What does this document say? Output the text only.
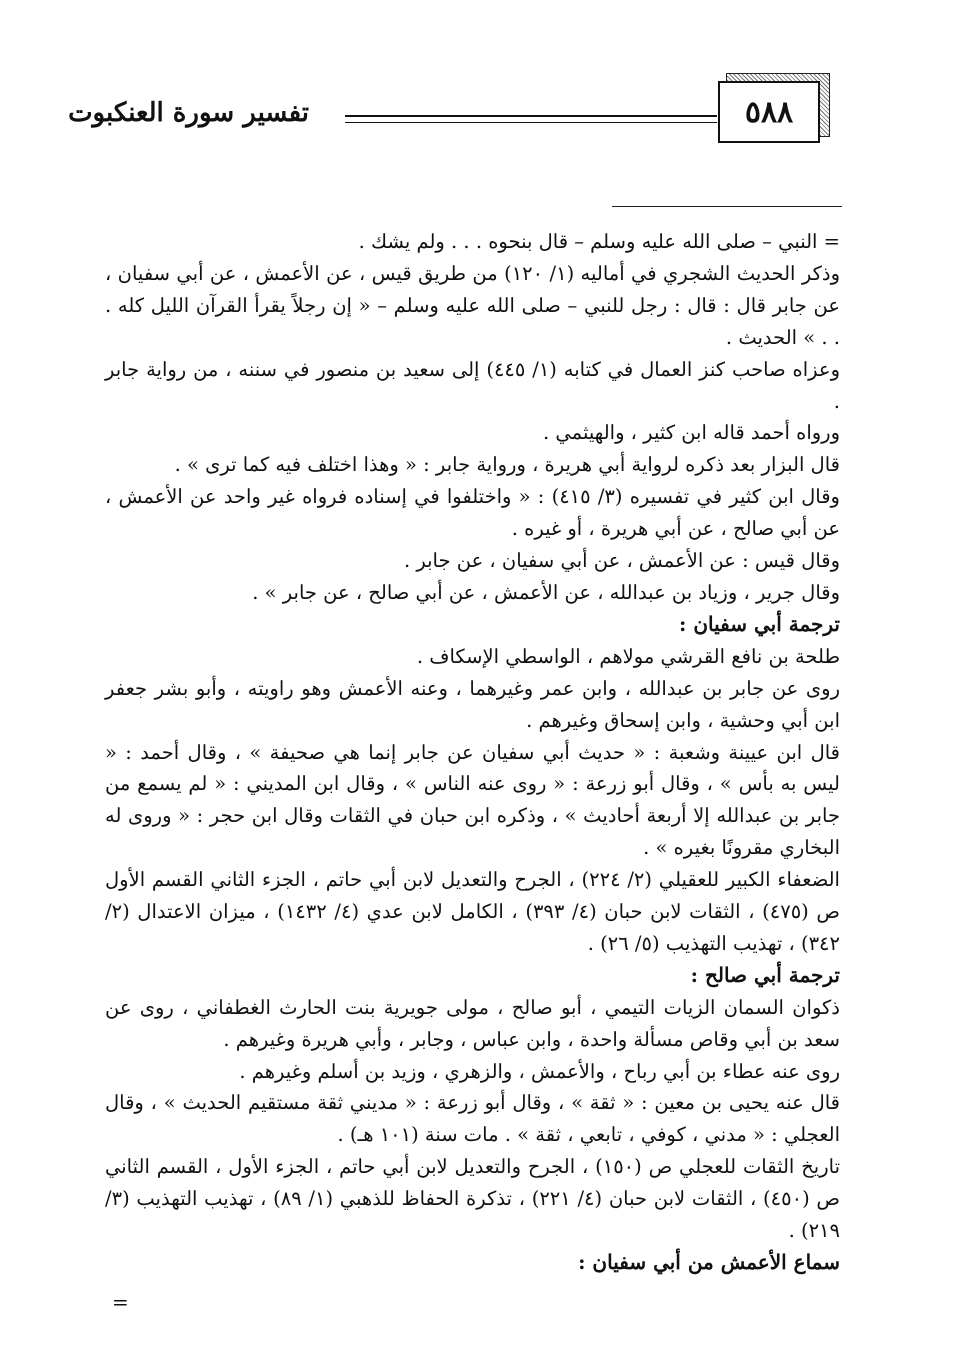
٥٨٨
تفسير سورة العنكبوت

= النبي – صلى الله عليه وسلم – قال بنحوه . . . ولم يشك .

وذكر الحديث الشجري في أماليه (١/ ١٢٠) من طريق قيس ، عن الأعمش ، عن أبي سفيان ، عن جابر قال : قال : رجل للنبي – صلى الله عليه وسلم – « إن رجلاً يقرأ القرآن الليل كله . . . » الحديث .

وعزاه صاحب كنز العمال في كتابه (١/ ٤٤٥) إلى سعيد بن منصور في سننه ، من رواية جابر .

ورواه أحمد قاله ابن كثير ، والهيثمي .

قال البزار بعد ذكره لرواية أبي هريرة ، ورواية جابر : « وهذا اختلف فيه كما ترى » .

وقال ابن كثير في تفسيره (٣/ ٤١٥) : « واختلفوا في إسناده فرواه غير واحد عن الأعمش ، عن أبي صالح ، عن أبي هريرة ، أو غيره .

وقال قيس : عن الأعمش ، عن أبي سفيان ، عن جابر .

وقال جرير ، وزياد بن عبدالله ، عن الأعمش ، عن أبي صالح ، عن جابر » .

ترجمة أبي سفيان :

طلحة بن نافع القرشي مولاهم ، الواسطي الإسكاف .

روى عن جابر بن عبدالله ، وابن عمر وغيرهما ، وعنه الأعمش وهو راويته ، وأبو بشر جعفر ابن أبي وحشية ، وابن إسحاق وغيرهم .

قال ابن عيينة وشعبة : « حديث أبي سفيان عن جابر إنما هي صحيفة » ، وقال أحمد : « ليس به بأس » ، وقال أبو زرعة : « روى عنه الناس » ، وقال ابن المديني : « لم يسمع من جابر بن عبدالله إلا أربعة أحاديث » ، وذكره ابن حبان في الثقات وقال ابن حجر : « وروى له البخاري مقرونًا بغيره » .

الضعفاء الكبير للعقيلي (٢/ ٢٢٤) ، الجرح والتعديل لابن أبي حاتم ، الجزء الثاني القسم الأول ص (٤٧٥) ، الثقات لابن حبان (٤/ ٣٩٣) ، الكامل لابن عدي (٤/ ١٤٣٢) ، ميزان الاعتدال (٢/ ٣٤٢) ، تهذيب التهذيب (٥/ ٢٦) .

ترجمة أبي صالح :

ذكوان السمان الزيات التيمي ، أبو صالح ، مولى جويرية بنت الحارث الغطفاني ، روى عن سعد بن أبي وقاص مسألة واحدة ، وابن عباس ، وجابر ، وأبي هريرة وغيرهم .

روى عنه عطاء بن أبي رباح ، والأعمش ، والزهري ، وزيد بن أسلم وغيرهم .

قال عنه يحيى بن معين : « ثقة » ، وقال أبو زرعة : « مديني ثقة مستقيم الحديث » ، وقال العجلي : « مدني ، كوفي ، تابعي ، ثقة » . مات سنة (١٠١ هـ) .

تاريخ الثقات للعجلي ص (١٥٠) ، الجرح والتعديل لابن أبي حاتم ، الجزء الأول ، القسم الثاني ص (٤٥٠) ، الثقات لابن حبان (٤/ ٢٢١) ، تذكرة الحفاظ للذهبي (١/ ٨٩) ، تهذيب التهذيب (٣/ ٢١٩) .

سماع الأعمش من أبي سفيان :

=
